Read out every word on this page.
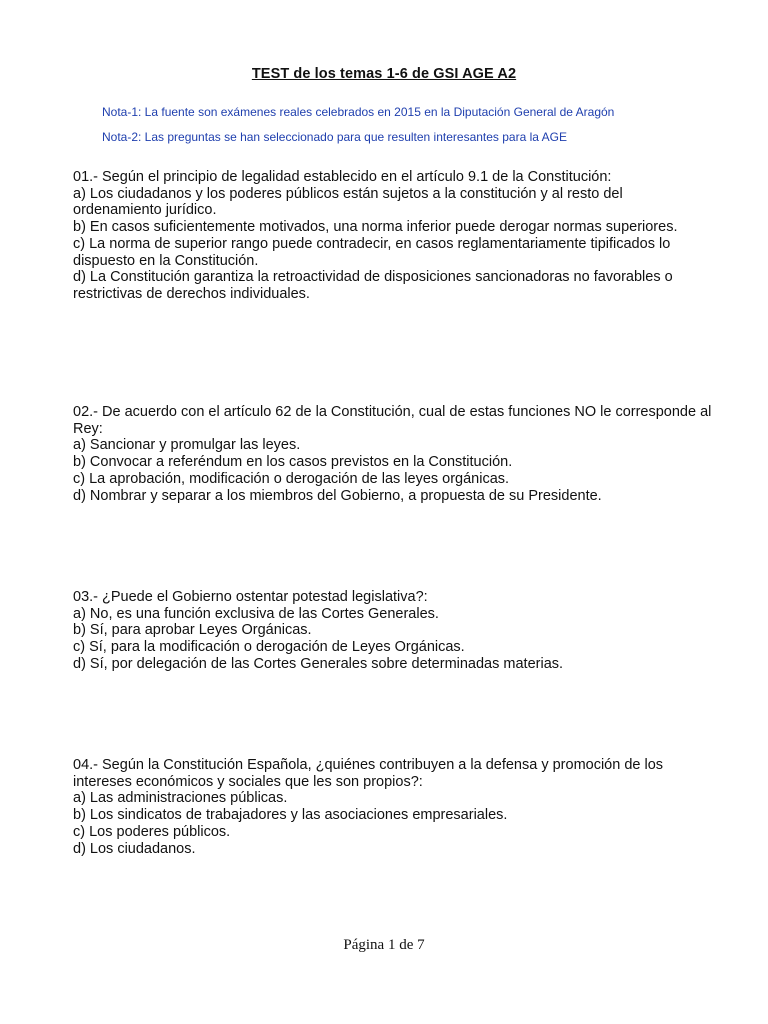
TEST de los temas 1-6 de GSI AGE A2
Nota-1: La fuente son exámenes reales celebrados en 2015 en la Diputación General de Aragón
Nota-2: Las preguntas se han seleccionado para que resulten interesantes para la AGE

01.- Según el principio de legalidad establecido en el artículo 9.1 de la Constitución:

a) Los ciudadanos y los poderes públicos están sujetos a la constitución y al resto del ordenamiento jurídico.

b) En casos suficientemente motivados, una norma inferior puede derogar normas superiores.

c) La norma de superior rango puede contradecir, en casos reglamentariamente tipificados lo dispuesto en la Constitución.

d) La Constitución garantiza la retroactividad de disposiciones sancionadoras no favorables o restrictivas de derechos individuales.

02.- De acuerdo con el artículo 62 de la Constitución, cual de estas funciones NO le corresponde al Rey:

a) Sancionar y promulgar las leyes.

b) Convocar a referéndum en los casos previstos en la Constitución.

c) La aprobación, modificación o derogación de las leyes orgánicas.

d) Nombrar y separar a los miembros del Gobierno, a propuesta de su Presidente.

03.- ¿Puede el Gobierno ostentar potestad legislativa?:

a) No, es una función exclusiva de las Cortes Generales.

b) Sí, para aprobar Leyes Orgánicas.

c) Sí, para la modificación o derogación de Leyes Orgánicas.

d) Sí, por delegación de las Cortes Generales sobre determinadas materias.

04.- Según la Constitución Española, ¿quiénes contribuyen a la defensa y promoción de los intereses económicos y sociales que les son propios?:

a) Las administraciones públicas.

b) Los sindicatos de trabajadores y las asociaciones empresariales.

c) Los poderes públicos.

d) Los ciudadanos.

Página 1 de 7
